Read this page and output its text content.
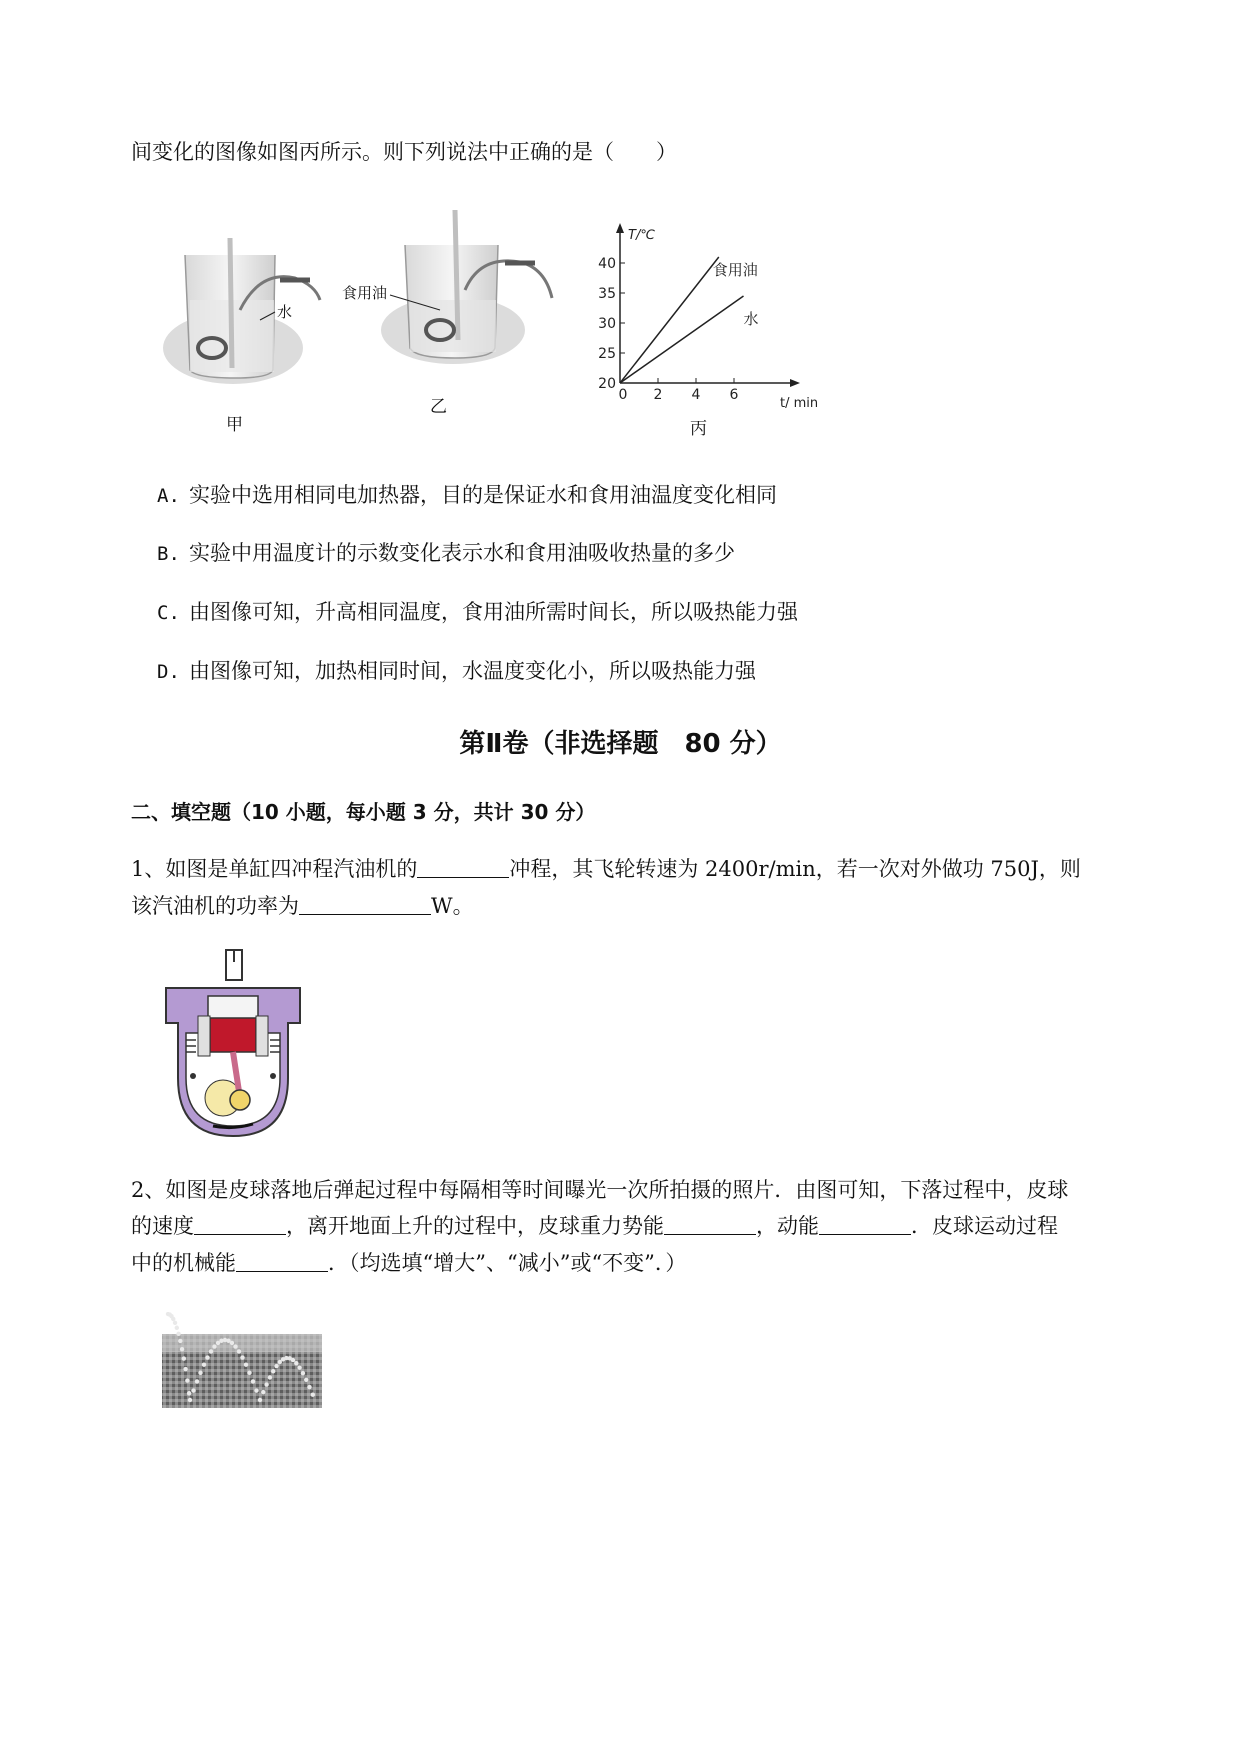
间变化的图像如图丙所示。则下列说法中正确的是（　　）
20
25
30
35
40
0 2 4 6
T/℃
t/ min
食用油
水
水
甲
食用油
乙
丙
A. 实验中选用相同电加热器，目的是保证水和食用油温度变化相同
B. 实验中用温度计的示数变化表示水和食用油吸收热量的多少
C. 由图像可知，升高相同温度，食用油所需时间长，所以吸热能力强
D. 由图像可知，加热相同时间，水温度变化小，所以吸热能力强
第Ⅱ卷（非选择题　80 分）
二、填空题（10 小题，每小题 3 分，共计 30 分）
1、如图是单缸四冲程汽油机的	冲程，其飞轮转速为 2400r/min，若一次对外做功 750J，则
该汽油机的功率为	W。
2、如图是皮球落地后弹起过程中每隔相等时间曝光一次所拍摄的照片．由图可知，下落过程中，皮球
的速度	，离开地面上升的过程中，皮球重力势能	，动能	．皮球运动过程
中的机械能	．（均选填“增大”、“减小”或“不变”．）
